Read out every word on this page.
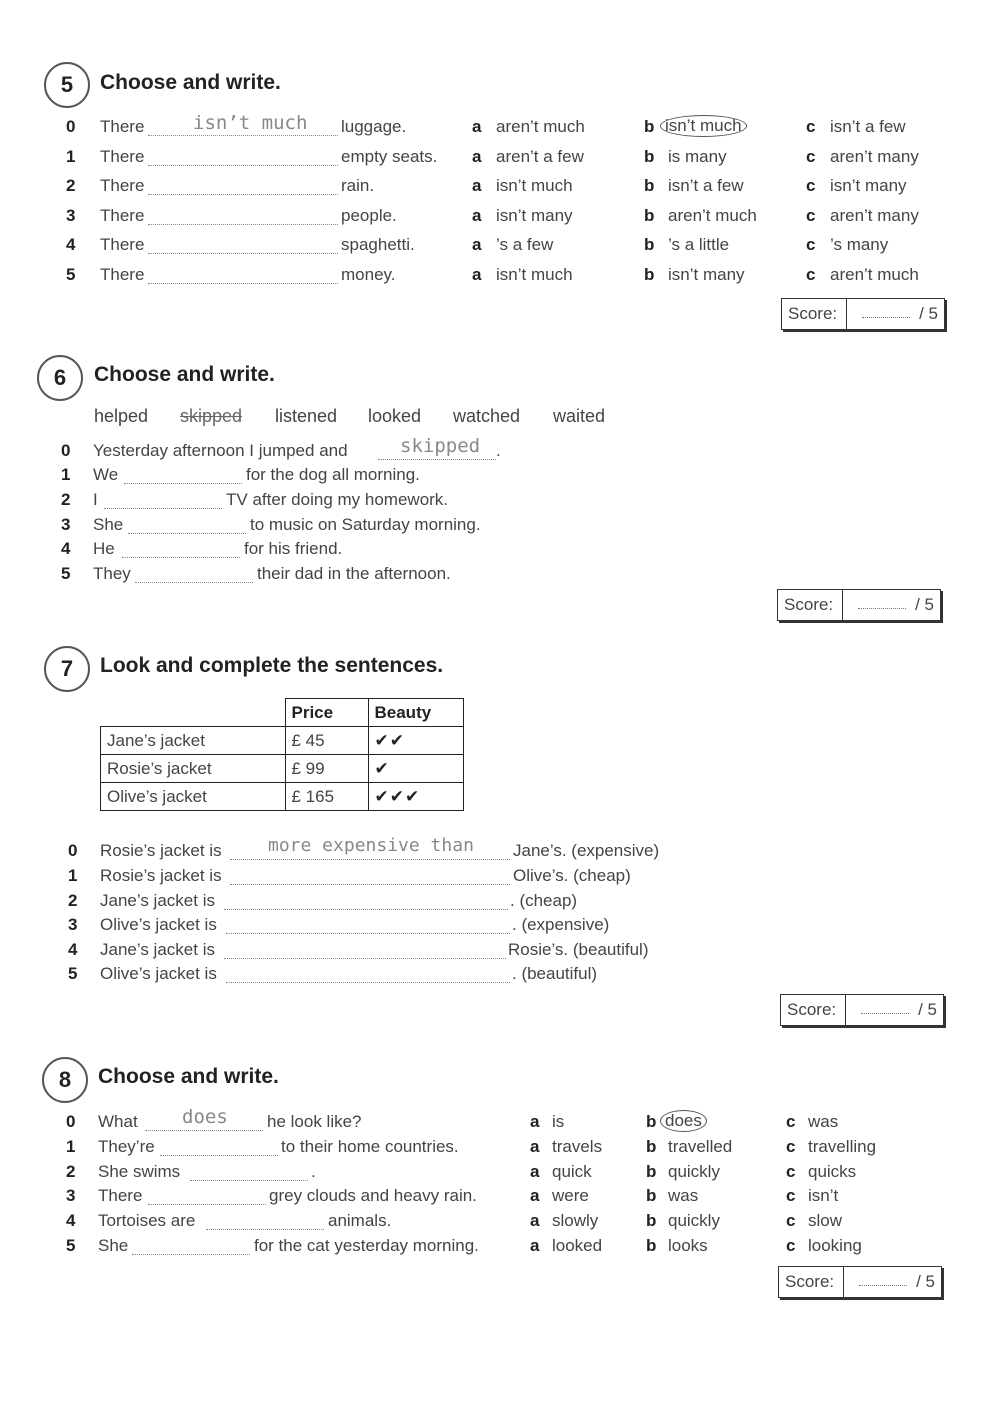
5	Choose and write.
0 There	isn’t much luggage.	a aren’t much	b isn’t much	c isn’t a few
1 There	empty seats. a aren’t a few	b is many	c aren’t many
2 There	rain.	a isn’t much	b isn’t a few	c isn’t many
3 There	people.	a isn’t many	b aren’t much	c aren’t many
4 There	spaghetti.	a ’s a few	b ’s a little	c ’s many
5 There	money.	a isn’t much	b isn’t many	c aren’t much
Score:	/ 5
6	Choose and write.
helped skipped listened looked watched waited
0 Yesterday afternoon I jumped and	skipped .
1 We	for the dog all morning.
2 I	TV after doing my homework.
3 She	to music on Saturday morning.
4 He	for his friend.
5 They	their dad in the afternoon.
Score:	/ 5
7	Look and complete the sentences.
	Price	Beauty
Jane’s jacket	£ 45	✔✔
Rosie’s jacket	£ 99	✔
Olive’s jacket	£ 165	✔✔✔
0 Rosie’s jacket is	more expensive than Jane’s. (expensive)
1 Rosie’s jacket is	Olive’s. (cheap)
2 Jane’s jacket is	. (cheap)
3 Olive’s jacket is	. (expensive)
4 Jane’s jacket is	Rosie’s. (beautiful)
5 Olive’s jacket is	. (beautiful)
Score:	/ 5
8	Choose and write.
0 What does he look like?	a is	b does	c was
1 They’re	to their home countries.	a travels	b travelled	c travelling
2 She swims	.	a quick	b quickly	c quicks
3 There	grey clouds and heavy rain.	a were	b was	c isn’t
4 Tortoises are	animals.	a slowly	b quickly	c slow
5 She	for the cat yesterday morning.	a looked	b looks	c looking
Score:	/ 5
